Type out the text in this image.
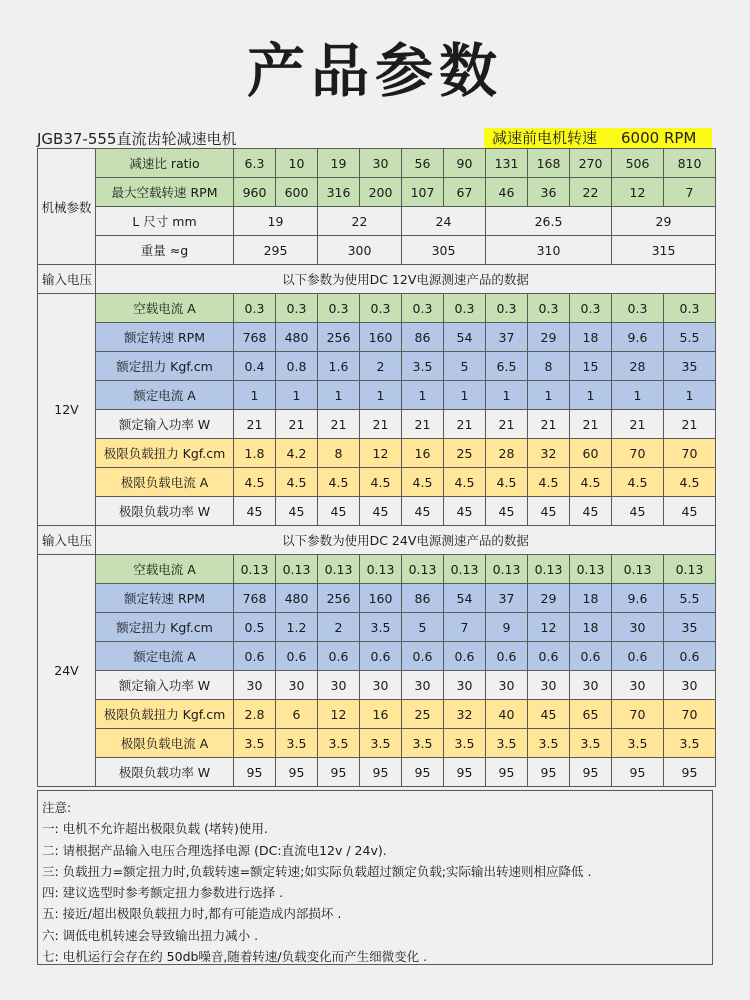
产品参数
JGB37-555直流齿轮减速电机	减速前电机转速 6000 RPM
机械参数	减速比 ratio	6.3	10	19	30	56	90	131	168	270	506	810
	最大空载转速 RPM	960	600	316	200	107	67	46	36	22	12	7
	L 尺寸 mm	19		22		24		26.5			29	
	重量 ≈g	295		300		305		310			315	
输入电压	以下参数为使用DC 12V电源测速产品的数据											
12V	空载电流 A	0.3	0.3	0.3	0.3	0.3	0.3	0.3	0.3	0.3	0.3	0.3
	额定转速 RPM	768	480	256	160	86	54	37	29	18	9.6	5.5
	额定扭力 Kgf.cm	0.4	0.8	1.6	2	3.5	5	6.5	8	15	28	35
	额定电流 A	1	1	1	1	1	1	1	1	1	1	1
	额定输入功率 W	21	21	21	21	21	21	21	21	21	21	21
	极限负载扭力 Kgf.cm	1.8	4.2	8	12	16	25	28	32	60	70	70
	极限负载电流 A	4.5	4.5	4.5	4.5	4.5	4.5	4.5	4.5	4.5	4.5	4.5
	极限负载功率 W	45	45	45	45	45	45	45	45	45	45	45
输入电压	以下参数为使用DC 24V电源测速产品的数据											
24V	空载电流 A	0.13	0.13	0.13	0.13	0.13	0.13	0.13	0.13	0.13	0.13	0.13
	额定转速 RPM	768	480	256	160	86	54	37	29	18	9.6	5.5
	额定扭力 Kgf.cm	0.5	1.2	2	3.5	5	7	9	12	18	30	35
	额定电流 A	0.6	0.6	0.6	0.6	0.6	0.6	0.6	0.6	0.6	0.6	0.6
	额定输入功率 W	30	30	30	30	30	30	30	30	30	30	30
	极限负载扭力 Kgf.cm	2.8	6	12	16	25	32	40	45	65	70	70
	极限负载电流 A	3.5	3.5	3.5	3.5	3.5	3.5	3.5	3.5	3.5	3.5	3.5
	极限负载功率 W	95	95	95	95	95	95	95	95	95	95	95
注意:
一: 电机不允许超出极限负载 (堵转)使用.
二: 请根据产品输入电压合理选择电源 (DC:直流电12v / 24v).
三: 负载扭力=额定扭力时,负载转速=额定转速;如实际负载超过额定负载;实际输出转速则相应降低 .
四: 建议选型时参考额定扭力参数进行选择 .
五: 接近/超出极限负载扭力时,都有可能造成内部损坏 .
六: 调低电机转速会导致输出扭力减小 .
七: 电机运行会存在约 50db噪音,随着转速/负载变化而产生细微变化 .
